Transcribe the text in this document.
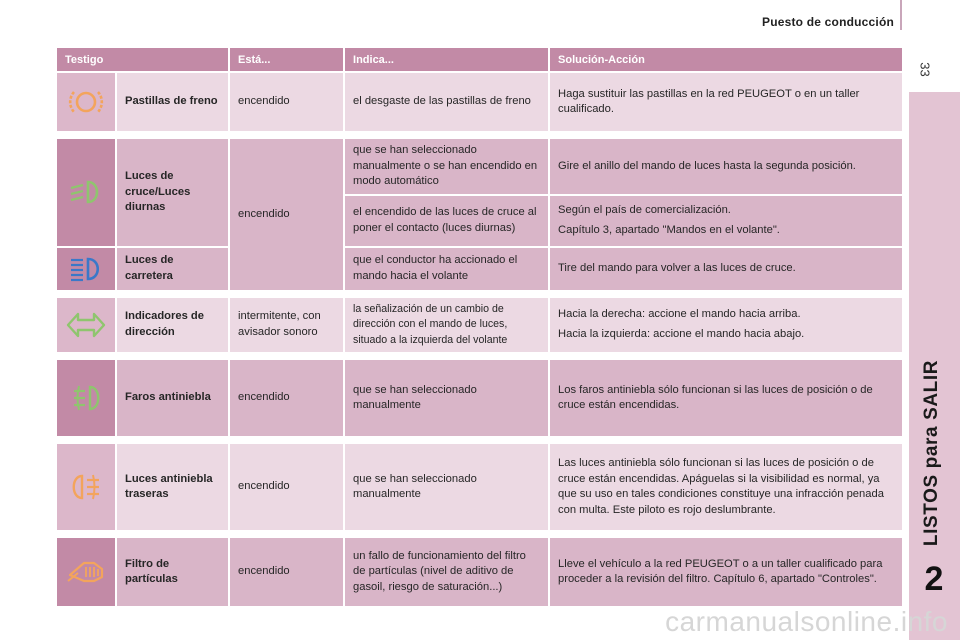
Puesto de conducción
33
LISTOS para SALIR
2
Testigo		Está...	Indica...	Solución-Acción

	Pastillas de freno	encendido	el desgaste de las pastillas de freno	Haga sustituir las pastillas en la red PEUGEOT o en un taller cualificado.

	Luces de cruce/Luces diurnas	encendido	que se han seleccionado manualmente o se han encendido en modo automático	Gire el anillo del mando de luces hasta la segunda posición.
			el encendido de las luces de cruce al poner el contacto (luces diurnas)	Según el país de comercialización.
Capítulo 3, apartado "Mandos en el volante".

	Luces de carretera		que el conductor ha accionado el mando hacia el volante	Tire del mando para volver a las luces de cruce.

	Indicadores de dirección	intermitente, con avisador sonoro	la señalización de un cambio de dirección con el mando de luces, situado a la izquierda del volante	Hacia la derecha: accione el mando hacia arriba.
Hacia la izquierda: accione el mando hacia abajo.

	Faros antiniebla	encendido	que se han seleccionado manualmente	Los faros antiniebla sólo funcionan si las luces de posición o de cruce están encendidas.

	Luces antiniebla traseras	encendido	que se han seleccionado manualmente	Las luces antiniebla sólo funcionan si las luces de posición o de cruce están encendidas. Apáguelas si la visibilidad es normal, ya que su uso en tales condiciones constituye una infracción penada con multa. Este piloto es rojo deslumbrante.

	Filtro de partículas	encendido	un fallo de funcionamiento del filtro de partículas (nivel de aditivo de gasoil, riesgo de saturación...)	Lleve el vehículo a la red PEUGEOT o a un taller cualificado para proceder a la revisión del filtro. Capítulo 6, apartado "Controles".
carmanualsonline.info
